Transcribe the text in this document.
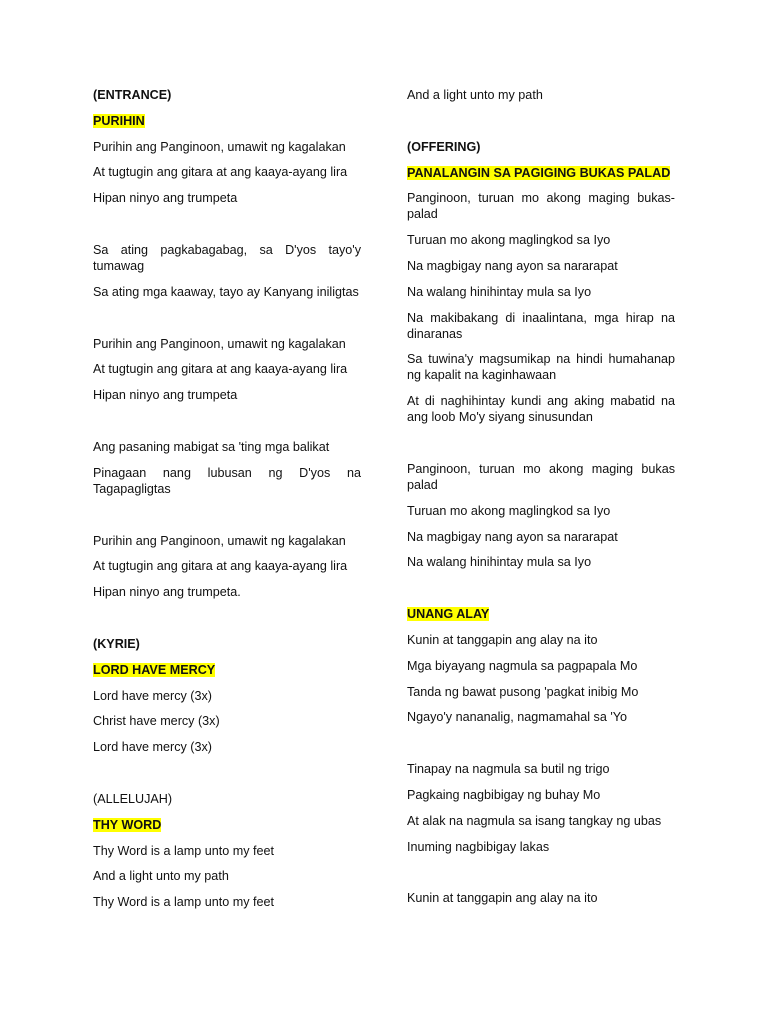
(ENTRANCE)

PURIHIN

Purihin ang Panginoon, umawit ng kagalakan

At tugtugin ang gitara at ang kaaya-ayang lira

Hipan ninyo ang trumpeta

Sa ating pagkabagabag, sa D'yos tayo'y tumawag

Sa ating mga kaaway, tayo ay Kanyang iniligtas

Purihin ang Panginoon, umawit ng kagalakan

At tugtugin ang gitara at ang kaaya-ayang lira

Hipan ninyo ang trumpeta

Ang pasaning mabigat sa 'ting mga balikat

Pinagaan nang lubusan ng D'yos na Tagapagligtas

Purihin ang Panginoon, umawit ng kagalakan

At tugtugin ang gitara at ang kaaya-ayang lira

Hipan ninyo ang trumpeta.

(KYRIE)

LORD HAVE MERCY

Lord have mercy (3x)

Christ have mercy (3x)

Lord have mercy (3x)

(ALLELUJAH)

THY WORD

Thy Word is a lamp unto my feet

And a light unto my path

Thy Word is a lamp unto my feet

And a light unto my path

(OFFERING)

PANALANGIN SA PAGIGING BUKAS PALAD

Panginoon, turuan mo akong maging bukas-palad

Turuan mo akong maglingkod sa Iyo

Na magbigay nang ayon sa nararapat

Na walang hinihintay mula sa Iyo

Na makibakang di inaalintana, mga hirap na dinaranas

Sa tuwina'y magsumikap na hindi humahanap ng kapalit na kaginhawaan

At di naghihintay kundi ang aking mabatid na ang loob Mo'y siyang sinusundan

Panginoon, turuan mo akong maging bukas palad

Turuan mo akong maglingkod sa Iyo

Na magbigay nang ayon sa nararapat

Na walang hinihintay mula sa Iyo

UNANG ALAY

Kunin at tanggapin ang alay na ito

Mga biyayang nagmula sa pagpapala Mo

Tanda ng bawat pusong 'pagkat inibig Mo

Ngayo'y nananalig, nagmamahal sa 'Yo

Tinapay na nagmula sa butil ng trigo

Pagkaing nagbibigay ng buhay Mo

At alak na nagmula sa isang tangkay ng ubas

Inuming nagbibigay lakas

Kunin at tanggapin ang alay na ito
